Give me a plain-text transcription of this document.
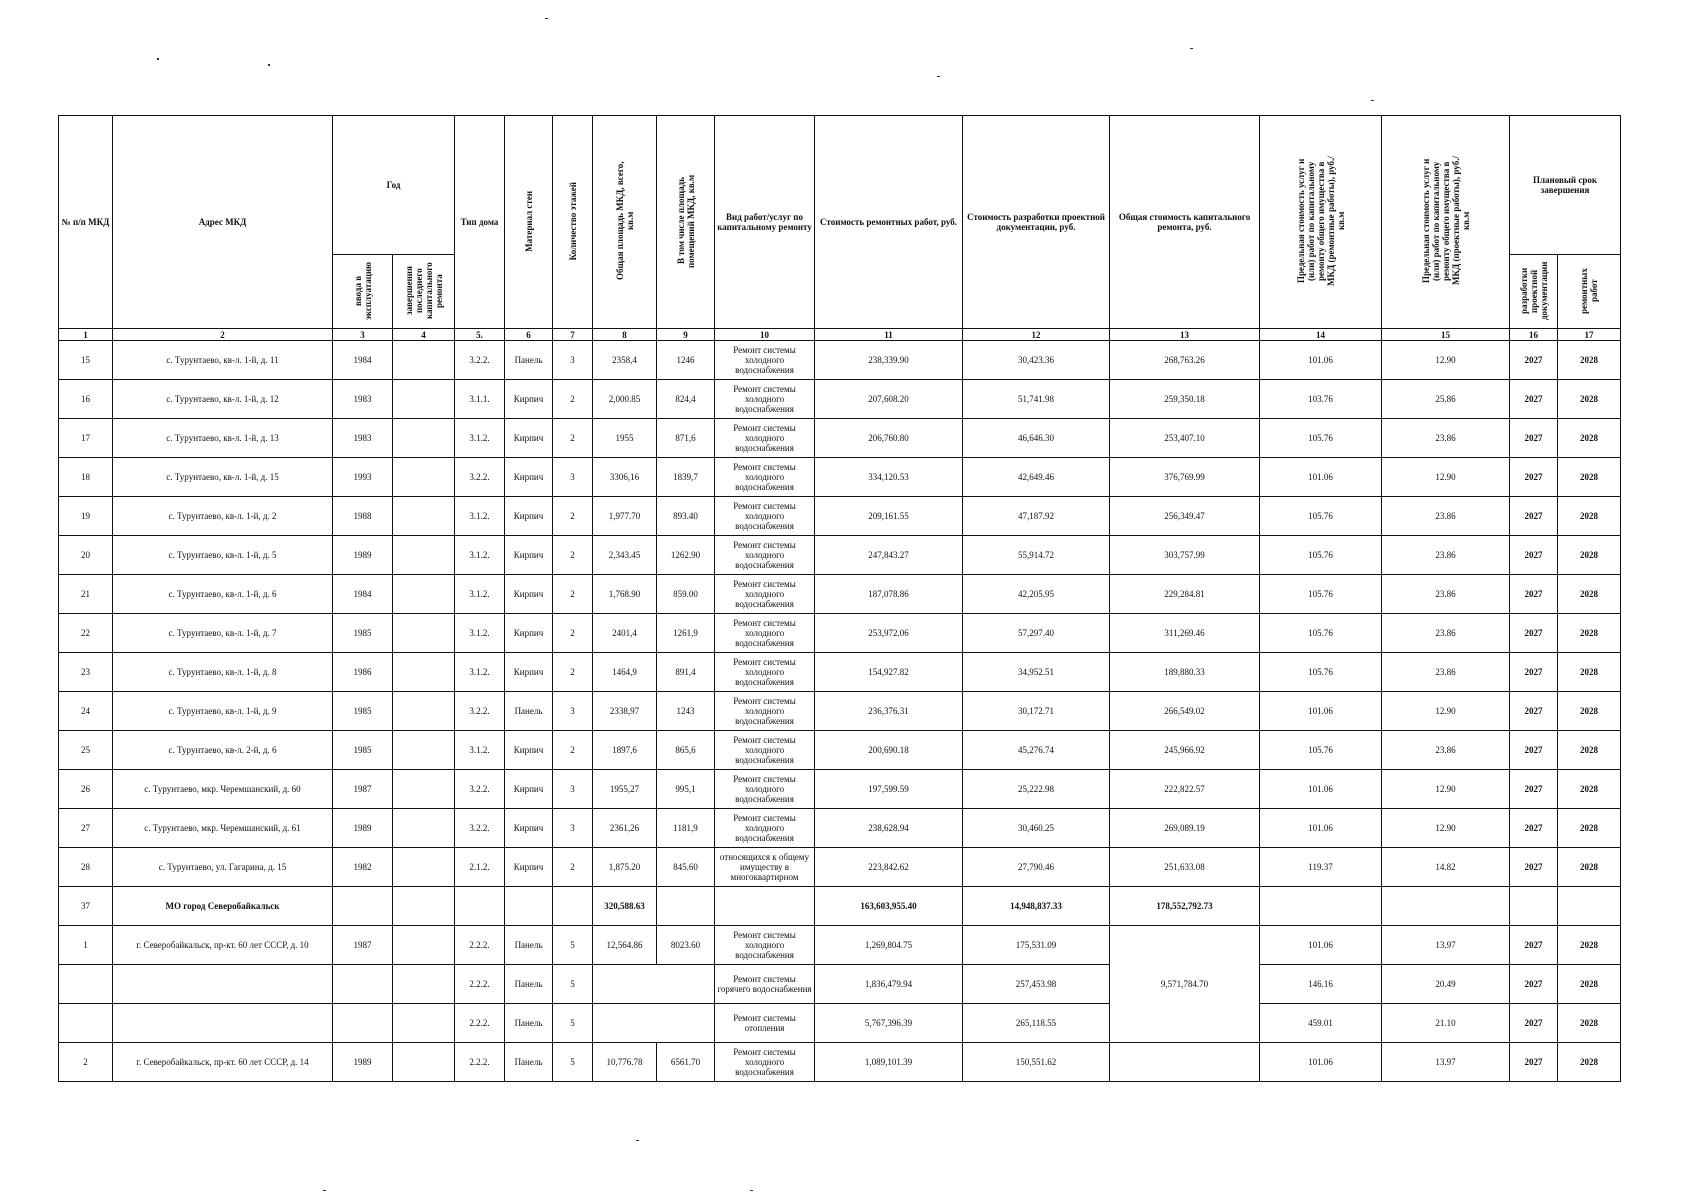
№ п/п МКД	Адрес МКД	Год		Тип дома	Материал стен	Количество этажей	Общая площадь МКД, всего, кв.м	В том числе площадь помещений МКД, кв.м	Вид работ/услуг по капитальному ремонту	Стоимость ремонтных работ, руб.	Стоимость разработки проектной документации, руб.	Общая стоимость капитального ремонта, руб.	Предельная стоимость услуг и (или) работ по капитальному ремонту общего имущества в МКД (ремонтные работы), руб./кв.м	Предельная стоимость услуг и (или) работ по капитальному ремонту общего имущества в МКД (проектные работы), руб./кв.м	Плановый срок завершения	
		ввода в эксплуатацию	завершения последнего капитального ремонта												разработки проектной документации	ремонтных работ
1	2	3	4	5.	6	7	8	9	10	11	12	13	14	15	16	17
15	с. Турунтаево, кв-л. 1-й, д. 11	1984		3.2.2.	Панель	3	2358,4	1246	Ремонт системы холодного водоснабжения	238,339.90	30,423.36	268,763.26	101.06	12.90	2027	2028
16	с. Турунтаево, кв-л. 1-й, д. 12	1983		3.1.1.	Кирпич	2	2,000.85	824,4	Ремонт системы холодного водоснабжения	207,608.20	51,741.98	259,350.18	103.76	25.86	2027	2028
17	с. Турунтаево, кв-л. 1-й, д. 13	1983		3.1.2.	Кирпич	2	1955	871,6	Ремонт системы холодного водоснабжения	206,760.80	46,646.30	253,407.10	105.76	23.86	2027	2028
18	с. Турунтаево, кв-л. 1-й, д. 15	1993		3.2.2.	Кирпич	3	3306,16	1839,7	Ремонт системы холодного водоснабжения	334,120.53	42,649.46	376,769.99	101.06	12.90	2027	2028
19	с. Турунтаево, кв-л. 1-й, д. 2	1988		3.1.2.	Кирпич	2	1,977.70	893.40	Ремонт системы холодного водоснабжения	209,161.55	47,187.92	256,349.47	105.76	23.86	2027	2028
20	с. Турунтаево, кв-л. 1-й, д. 5	1989		3.1.2.	Кирпич	2	2,343.45	1262.90	Ремонт системы холодного водоснабжения	247,843.27	55,914.72	303,757.99	105.76	23.86	2027	2028
21	с. Турунтаево, кв-л. 1-й, д. 6	1984		3.1.2.	Кирпич	2	1,768.90	859.00	Ремонт системы холодного водоснабжения	187,078.86	42,205.95	229,284.81	105.76	23.86	2027	2028
22	с. Турунтаево, кв-л. 1-й, д. 7	1985		3.1.2.	Кирпич	2	2401,4	1261,9	Ремонт системы холодного водоснабжения	253,972.06	57,297.40	311,269.46	105.76	23.86	2027	2028
23	с. Турунтаево, кв-л. 1-й, д. 8	1986		3.1.2.	Кирпич	2	1464,9	891,4	Ремонт системы холодного водоснабжения	154,927.82	34,952.51	189,880.33	105.76	23.86	2027	2028
24	с. Турунтаево, кв-л. 1-й, д. 9	1985		3.2.2.	Панель	3	2338,97	1243	Ремонт системы холодного водоснабжения	236,376.31	30,172.71	266,549.02	101.06	12.90	2027	2028
25	с. Турунтаево, кв-л. 2-й, д. 6	1985		3.1.2.	Кирпич	2	1897,6	865,6	Ремонт системы холодного водоснабжения	200,690.18	45,276.74	245,966.92	105.76	23.86	2027	2028
26	с. Турунтаево, мкр. Черемшанский, д. 60	1987		3.2.2.	Кирпич	3	1955,27	995,1	Ремонт системы холодного водоснабжения	197,599.59	25,222.98	222,822.57	101.06	12.90	2027	2028
27	с. Турунтаево, мкр. Черемшанский, д. 61	1989		3.2.2.	Кирпич	3	2361,26	1181,9	Ремонт системы холодного водоснабжения	238,628.94	30,460.25	269,089.19	101.06	12.90	2027	2028
28	с. Турунтаево, ул. Гагарина, д. 15	1982		2.1.2.	Кирпич	2	1,875.20	845.60	относящихся к общему имуществу в многоквартирном	223,842.62	27,790.46	251,633.08	119.37	14.82	2027	2028
37	МО город Северобайкальск						320,588.63			163,603,955.40	14,948,837.33	178,552,792.73				
1	г. Северобайкальск, пр-кт. 60 лет СССР, д. 10	1987		2.2.2.	Панель	5	12,564.86	8023.60	Ремонт системы холодного водоснабжения	1,269,804.75	175,531.09	9,571,784.70	101.06	13.97	2027	2028
				2.2.2.	Панель	5			Ремонт системы горячего водоснабжения	1,836,479.94	257,453.98		146.16	20.49	2027	2028
				2.2.2.	Панель	5			Ремонт системы отопления	5,767,396.39	265,118.55		459.01	21.10	2027	2028
2	г. Северобайкальск, пр-кт. 60 лет СССР, д. 14	1989		2.2.2.	Панель	5	10,776.78	6561.70	Ремонт системы холодного водоснабжения	1,089,101.39	150,551.62		101.06	13.97	2027	2028
